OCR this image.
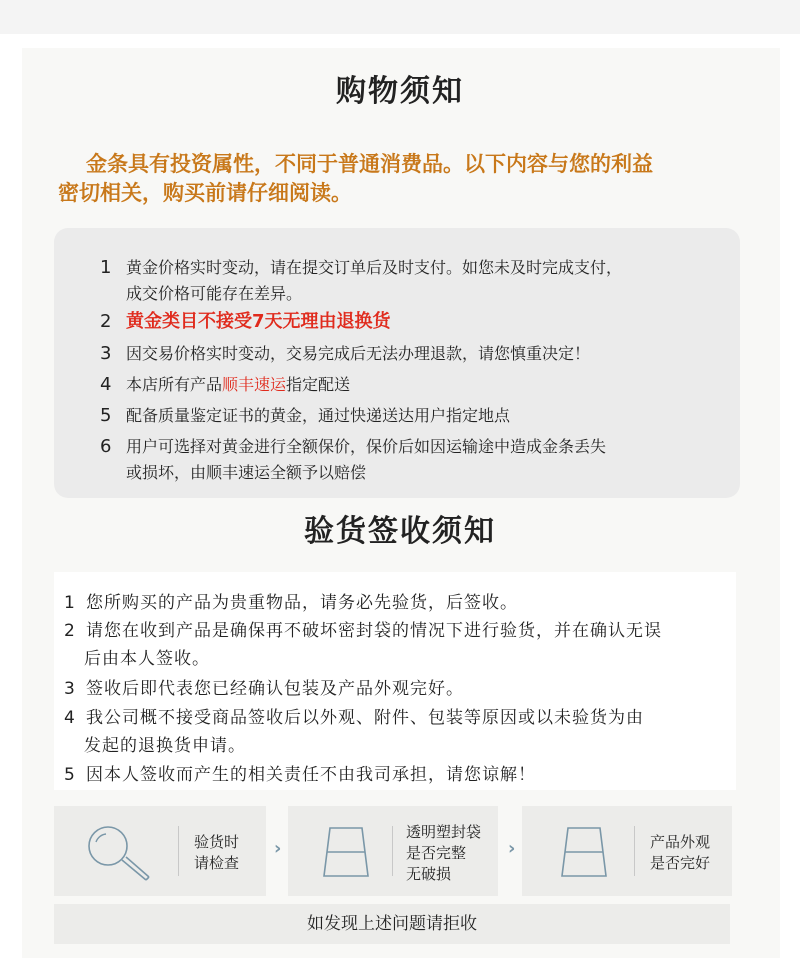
购物须知
金条具有投资属性，不同于普通消费品。以下内容与您的利益
密切相关，购买前请仔细阅读。
1 黄金价格实时变动，请在提交订单后及时支付。如您未及时完成支付，
成交价格可能存在差异。
2 黄金类目不接受7天无理由退换货
3 因交易价格实时变动，交易完成后无法办理退款，请您慎重决定！
4 本店所有产品顺丰速运指定配送
5 配备质量鉴定证书的黄金，通过快递送达用户指定地点
6 用户可选择对黄金进行全额保价，保价后如因运输途中造成金条丢失
或损坏，由顺丰速运全额予以赔偿
验货签收须知
1 您所购买的产品为贵重物品，请务必先验货，后签收。
2 请您在收到产品是确保再不破坏密封袋的情况下进行验货，并在确认无误
后由本人签收。
3 签收后即代表您已经确认包装及产品外观完好。
4 我公司概不接受商品签收后以外观、附件、包装等原因或以未验货为由
发起的退换货申请。
5 因本人签收而产生的相关责任不由我司承担，请您谅解！
验货时
请检查
›
透明塑封袋
是否完整
无破损
›	产品外观
是否完好
如发现上述问题请拒收
